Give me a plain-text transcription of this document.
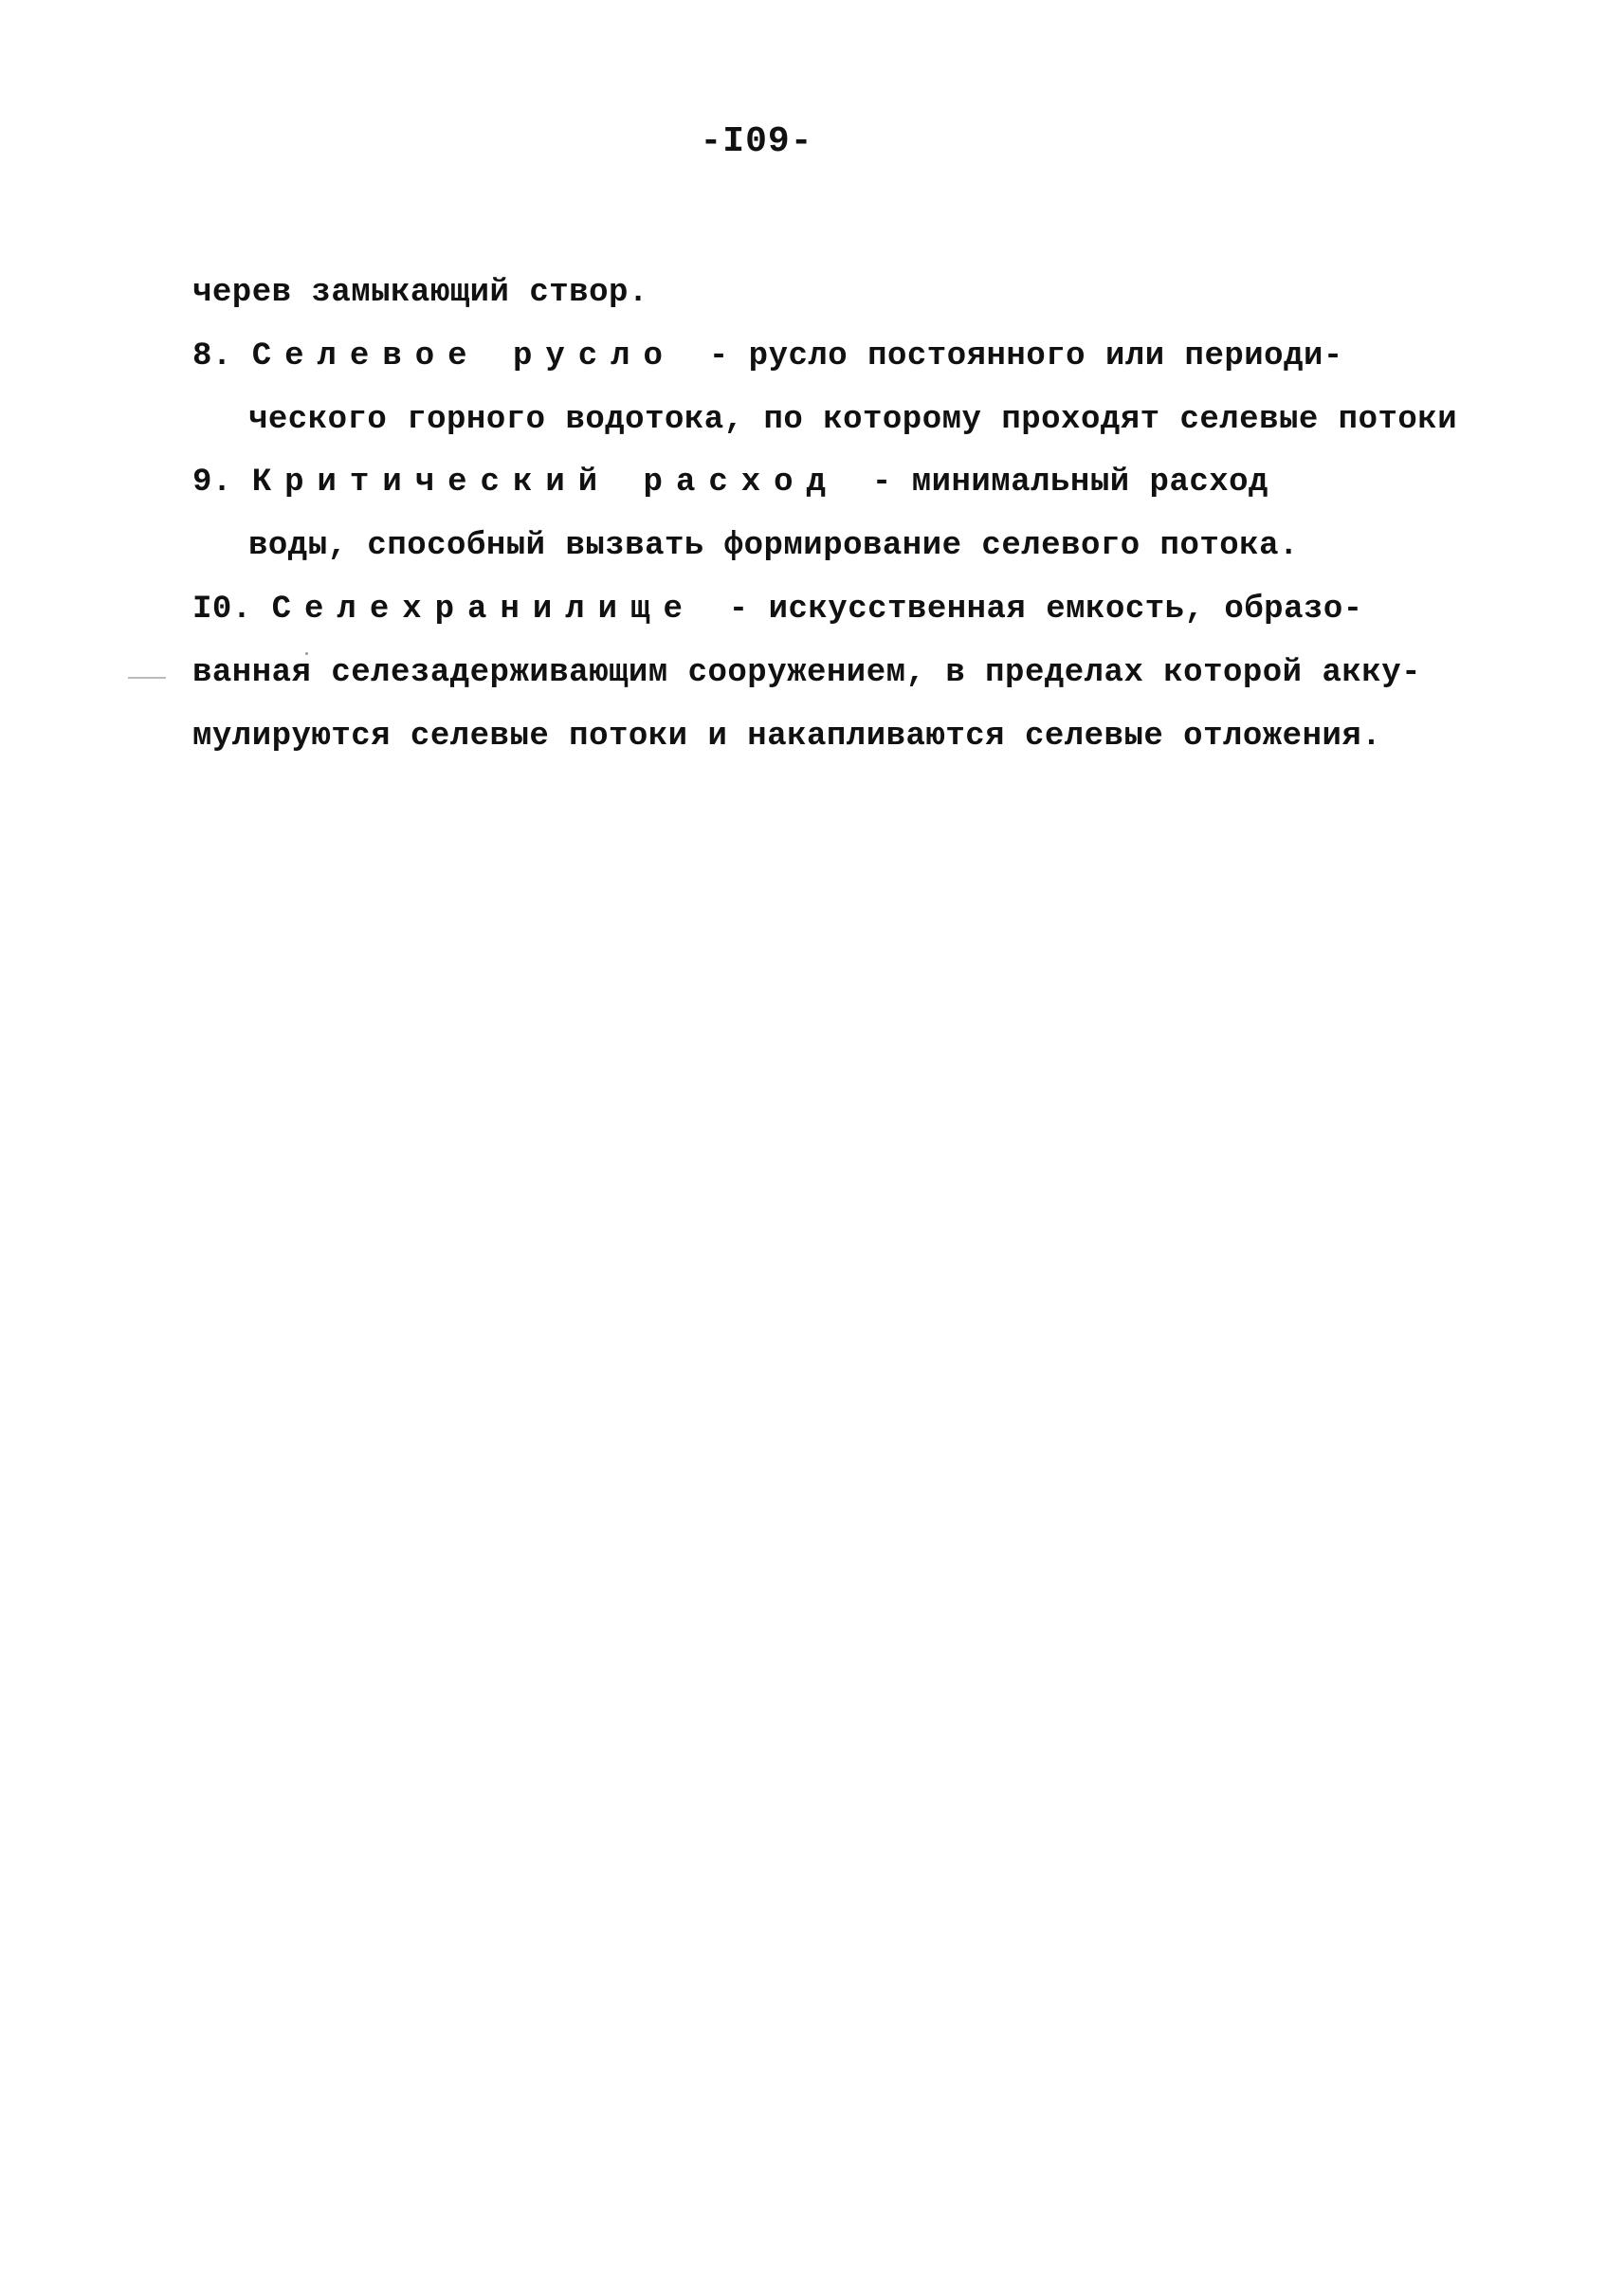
-I09-
черев замыкающий створ.
8. Селевое русло - русло постоянного или периоди-
ческого горного водотока, по которому проходят селевые потоки
9. Критический расход - минимальный расход
воды, способный вызвать формирование селевого потока.
I0. Селехранилище - искусственная емкость, образо-
ванная селезадерживающим сооружением, в пределах которой акку-
мулируются селевые потоки и накапливаются селевые отложения.
